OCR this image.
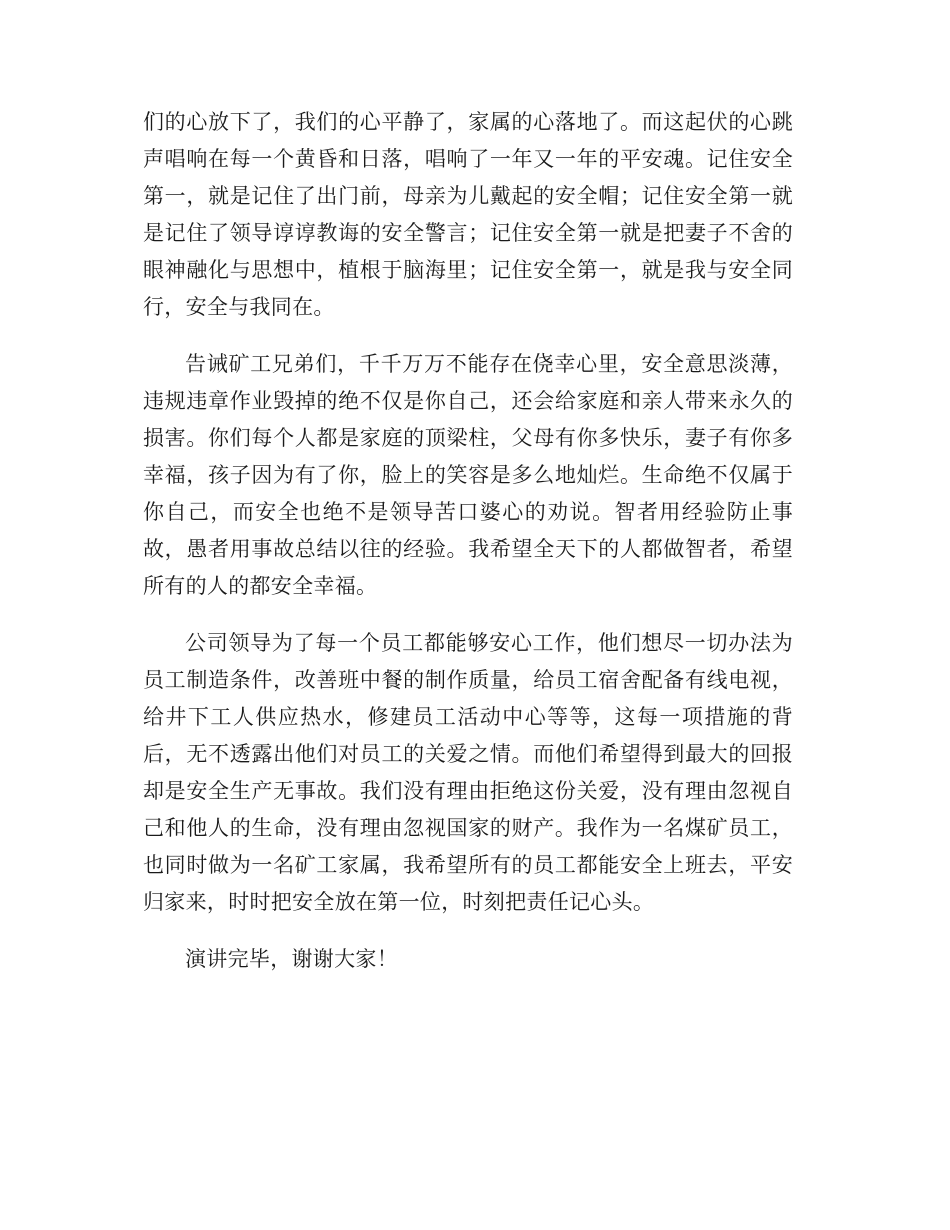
们的心放下了，我们的心平静了，家属的心落地了。而这起伏的心跳声唱响在每一个黄昏和日落，唱响了一年又一年的平安魂。记住安全第一，就是记住了出门前，母亲为儿戴起的安全帽；记住安全第一就是记住了领导谆谆教诲的安全警言；记住安全第一就是把妻子不舍的眼神融化与思想中，植根于脑海里；记住安全第一，就是我与安全同行，安全与我同在。

告诫矿工兄弟们，千千万万不能存在侥幸心里，安全意思淡薄，违规违章作业毁掉的绝不仅是你自己，还会给家庭和亲人带来永久的损害。你们每个人都是家庭的顶梁柱，父母有你多快乐，妻子有你多幸福，孩子因为有了你，脸上的笑容是多么地灿烂。生命绝不仅属于你自己，而安全也绝不是领导苦口婆心的劝说。智者用经验防止事故，愚者用事故总结以往的经验。我希望全天下的人都做智者，希望所有的人的都安全幸福。

公司领导为了每一个员工都能够安心工作，他们想尽一切办法为员工制造条件，改善班中餐的制作质量，给员工宿舍配备有线电视，给井下工人供应热水，修建员工活动中心等等，这每一项措施的背后，无不透露出他们对员工的关爱之情。而他们希望得到最大的回报却是安全生产无事故。我们没有理由拒绝这份关爱，没有理由忽视自己和他人的生命，没有理由忽视国家的财产。我作为一名煤矿员工，也同时做为一名矿工家属，我希望所有的员工都能安全上班去，平安归家来，时时把安全放在第一位，时刻把责任记心头。

演讲完毕，谢谢大家！
